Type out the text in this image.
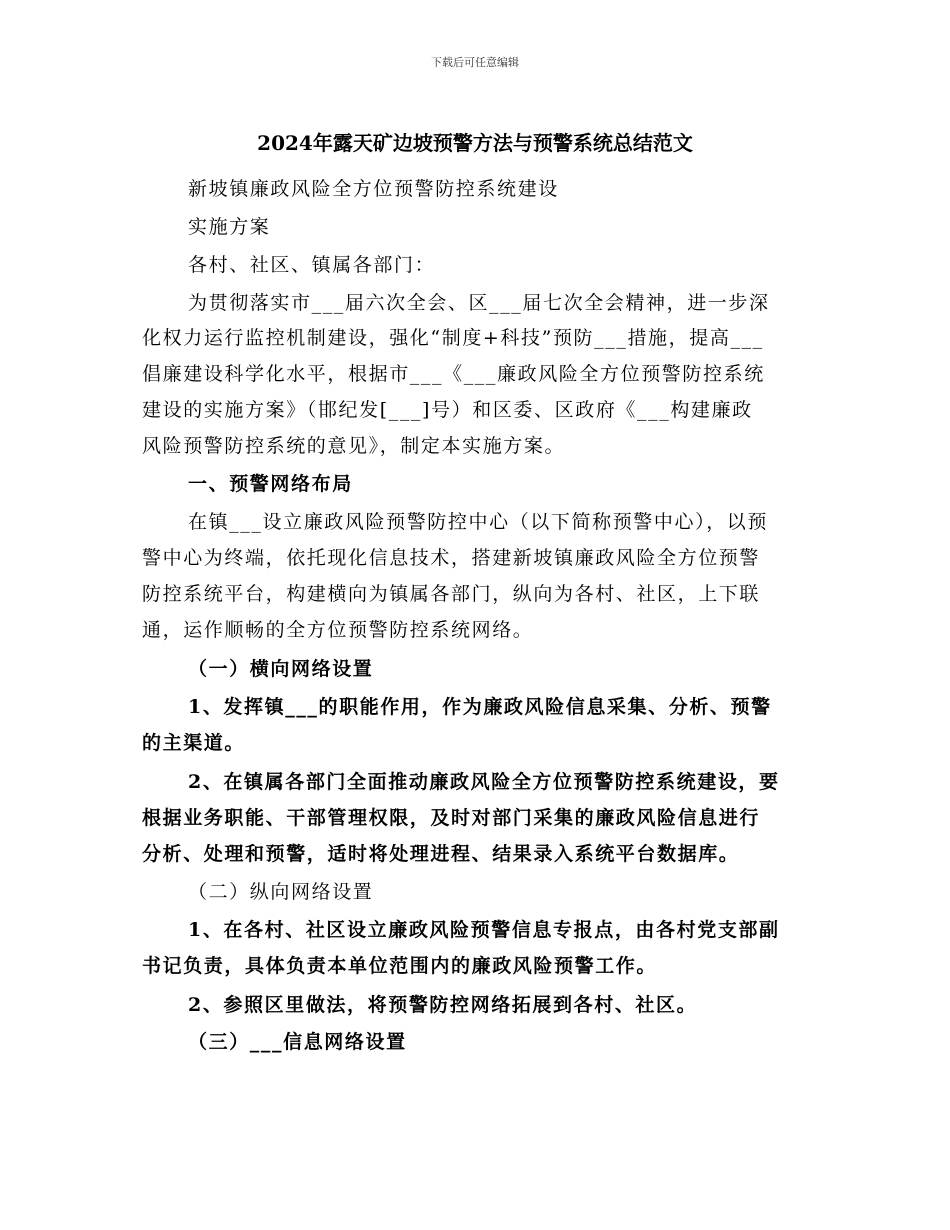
下载后可任意编辑
2024年露天矿边坡预警方法与预警系统总结范文
新坡镇廉政风险全方位预警防控系统建设
实施方案
各村、社区、镇属各部门：
为贯彻落实市___届六次全会、区___届七次全会精神，进一步深
化权力运行监控机制建设，强化“制度+科技”预防___措施，提高___
倡廉建设科学化水平，根据市___《___廉政风险全方位预警防控系统
建设的实施方案》（邯纪发[___]号）和区委、区政府《___构建廉政
风险预警防控系统的意见》，制定本实施方案。
一、预警网络布局
在镇___设立廉政风险预警防控中心（以下简称预警中心），以预
警中心为终端，依托现化信息技术，搭建新坡镇廉政风险全方位预警
防控系统平台，构建横向为镇属各部门，纵向为各村、社区，上下联
通，运作顺畅的全方位预警防控系统网络。
（一）横向网络设置
1、发挥镇___的职能作用，作为廉政风险信息采集、分析、预警
的主渠道。
2、在镇属各部门全面推动廉政风险全方位预警防控系统建设，要
根据业务职能、干部管理权限，及时对部门采集的廉政风险信息进行
分析、处理和预警，适时将处理进程、结果录入系统平台数据库。
（二）纵向网络设置
1、在各村、社区设立廉政风险预警信息专报点，由各村党支部副
书记负责，具体负责本单位范围内的廉政风险预警工作。
2、参照区里做法，将预警防控网络拓展到各村、社区。
（三）___信息网络设置
